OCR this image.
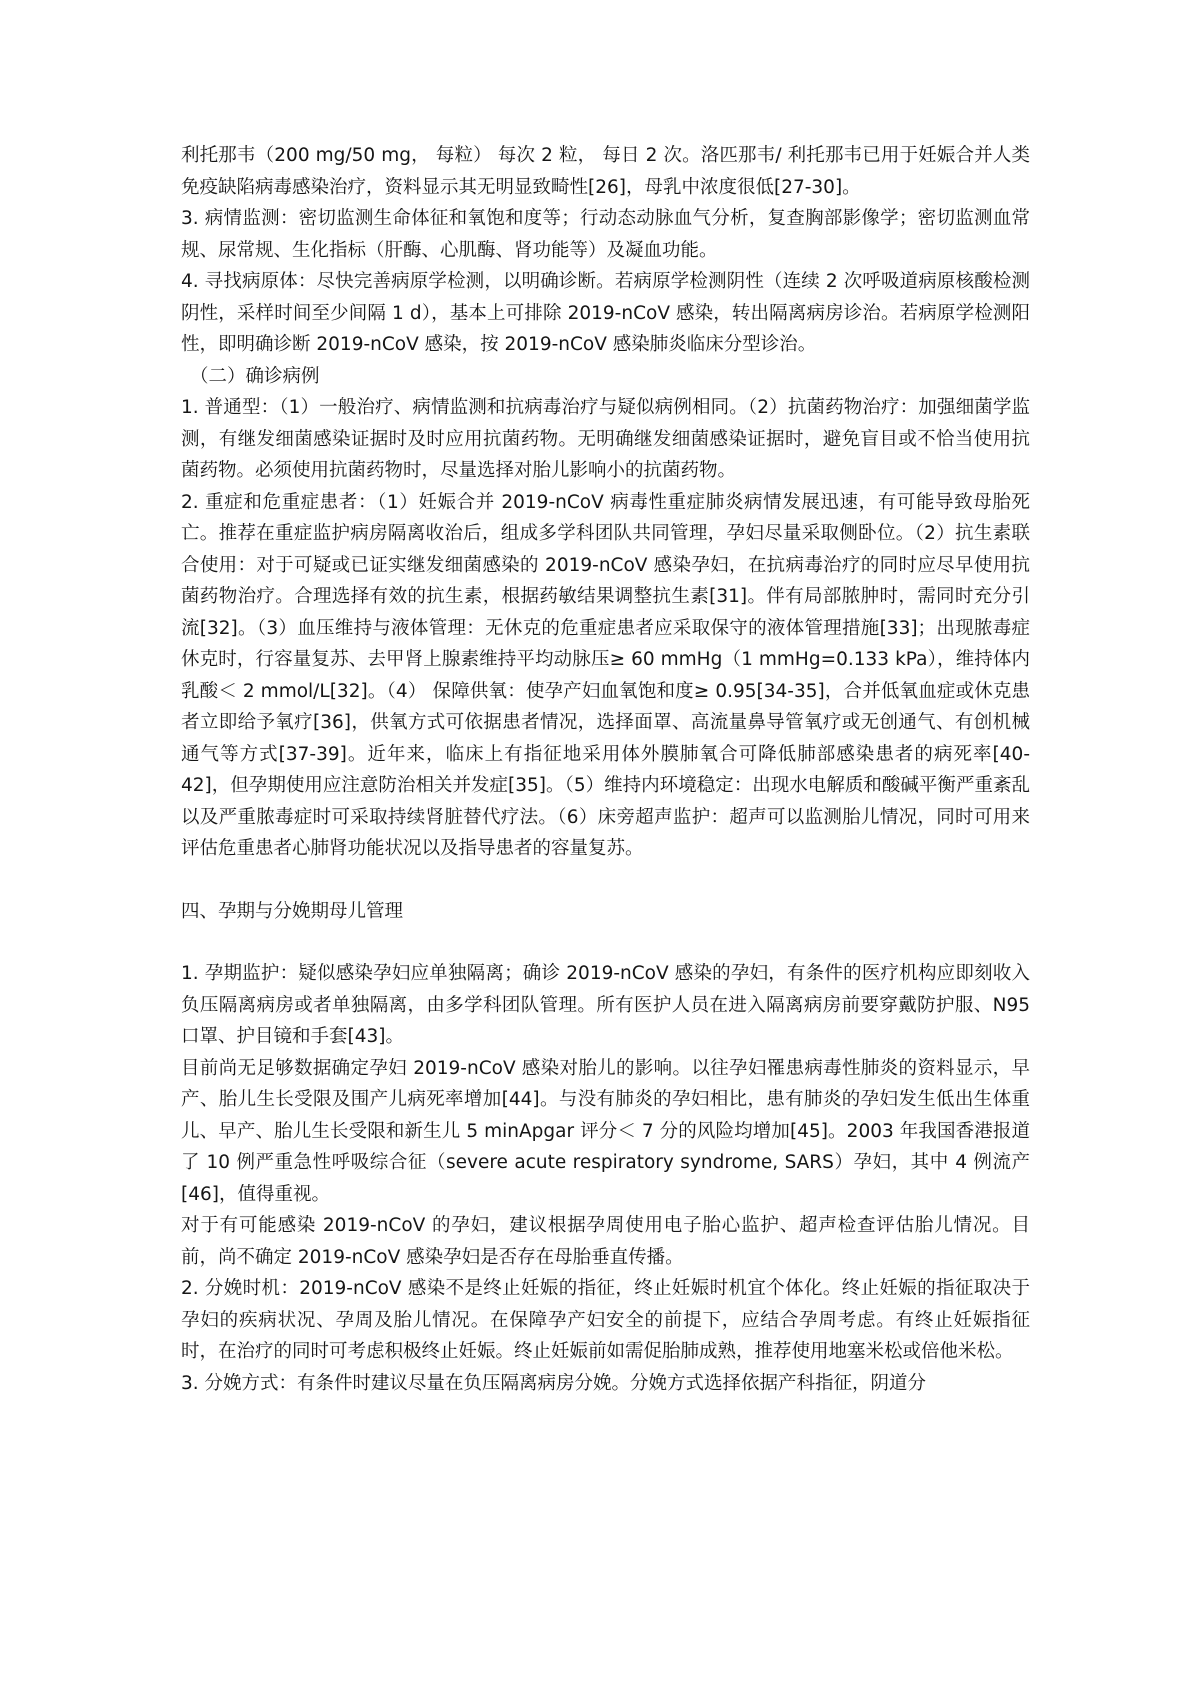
利托那韦（200 mg/50 mg， 每粒） 每次 2 粒， 每日 2 次。洛匹那韦/ 利托那韦已用于妊娠合并人类免疫缺陷病毒感染治疗，资料显示其无明显致畸性[26]，母乳中浓度很低[27-30]。

3. 病情监测：密切监测生命体征和氧饱和度等；行动态动脉血气分析，复查胸部影像学；密切监测血常规、尿常规、生化指标（肝酶、心肌酶、肾功能等）及凝血功能。

4. 寻找病原体：尽快完善病原学检测，以明确诊断。若病原学检测阴性（连续 2 次呼吸道病原核酸检测阴性，采样时间至少间隔 1 d），基本上可排除 2019-nCoV 感染，转出隔离病房诊治。若病原学检测阳性，即明确诊断 2019-nCoV 感染，按 2019-nCoV 感染肺炎临床分型诊治。

（二）确诊病例

1. 普通型：（1）一般治疗、病情监测和抗病毒治疗与疑似病例相同。（2）抗菌药物治疗：加强细菌学监测，有继发细菌感染证据时及时应用抗菌药物。无明确继发细菌感染证据时，避免盲目或不恰当使用抗菌药物。必须使用抗菌药物时，尽量选择对胎儿影响小的抗菌药物。

2. 重症和危重症患者：（1）妊娠合并 2019-nCoV 病毒性重症肺炎病情发展迅速，有可能导致母胎死亡。推荐在重症监护病房隔离收治后，组成多学科团队共同管理，孕妇尽量采取侧卧位。（2）抗生素联合使用：对于可疑或已证实继发细菌感染的 2019-nCoV 感染孕妇，在抗病毒治疗的同时应尽早使用抗菌药物治疗。合理选择有效的抗生素，根据药敏结果调整抗生素[31]。伴有局部脓肿时，需同时充分引流[32]。（3）血压维持与液体管理：无休克的危重症患者应采取保守的液体管理措施[33]；出现脓毒症休克时，行容量复苏、去甲肾上腺素维持平均动脉压≥ 60 mmHg（1 mmHg=0.133 kPa），维持体内乳酸＜ 2 mmol/L[32]。（4） 保障供氧：使孕产妇血氧饱和度≥ 0.95[34-35]，合并低氧血症或休克患者立即给予氧疗[36]，供氧方式可依据患者情况，选择面罩、高流量鼻导管氧疗或无创通气、有创机械通气等方式[37-39]。近年来，临床上有指征地采用体外膜肺氧合可降低肺部感染患者的病死率[40-42]，但孕期使用应注意防治相关并发症[35]。（5）维持内环境稳定：出现水电解质和酸碱平衡严重紊乱以及严重脓毒症时可采取持续肾脏替代疗法。（6）床旁超声监护：超声可以监测胎儿情况，同时可用来评估危重患者心肺肾功能状况以及指导患者的容量复苏。

四、孕期与分娩期母儿管理

1. 孕期监护：疑似感染孕妇应单独隔离；确诊 2019-nCoV 感染的孕妇，有条件的医疗机构应即刻收入负压隔离病房或者单独隔离，由多学科团队管理。所有医护人员在进入隔离病房前要穿戴防护服、N95 口罩、护目镜和手套[43]。

目前尚无足够数据确定孕妇 2019-nCoV 感染对胎儿的影响。以往孕妇罹患病毒性肺炎的资料显示，早产、胎儿生长受限及围产儿病死率增加[44]。与没有肺炎的孕妇相比，患有肺炎的孕妇发生低出生体重儿、早产、胎儿生长受限和新生儿 5 minApgar 评分＜ 7 分的风险均增加[45]。2003 年我国香港报道了 10 例严重急性呼吸综合征（severe acute respiratory syndrome, SARS）孕妇，其中 4 例流产[46]，值得重视。

对于有可能感染 2019-nCoV 的孕妇，建议根据孕周使用电子胎心监护、超声检查评估胎儿情况。目前，尚不确定 2019-nCoV 感染孕妇是否存在母胎垂直传播。

2. 分娩时机：2019-nCoV 感染不是终止妊娠的指征，终止妊娠时机宜个体化。终止妊娠的指征取决于孕妇的疾病状况、孕周及胎儿情况。在保障孕产妇安全的前提下，应结合孕周考虑。有终止妊娠指征时，在治疗的同时可考虑积极终止妊娠。终止妊娠前如需促胎肺成熟，推荐使用地塞米松或倍他米松。

3. 分娩方式：有条件时建议尽量在负压隔离病房分娩。分娩方式选择依据产科指征，阴道分
